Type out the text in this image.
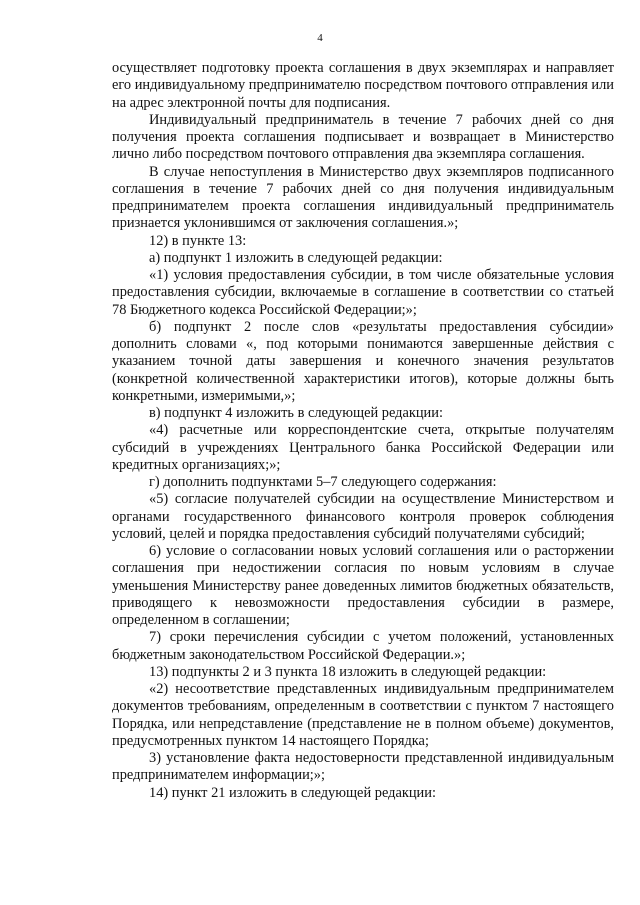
4

осуществляет подготовку проекта соглашения в двух экземплярах и направляет его индивидуальному предпринимателю посредством почтового отправления или на адрес электронной почты для подписания.

Индивидуальный предприниматель в течение 7 рабочих дней со дня получения проекта соглашения подписывает и возвращает в Министерство лично либо посредством почтового отправления два экземпляра соглашения.

В случае непоступления в Министерство двух экземпляров подписанного соглашения в течение 7 рабочих дней со дня получения индивидуальным предпринимателем проекта соглашения индивидуальный предприниматель признается уклонившимся от заключения соглашения.»;

12) в пункте 13:

а) подпункт 1 изложить в следующей редакции:

«1) условия предоставления субсидии, в том числе обязательные условия предоставления субсидии, включаемые в соглашение в соответствии со статьей 78 Бюджетного кодекса Российской Федерации;»;

б) подпункт 2 после слов «результаты предоставления субсидии» дополнить словами «, под которыми понимаются завершенные действия с указанием точной даты завершения и конечного значения результатов (конкретной количественной характеристики итогов), которые должны быть конкретными, измеримыми,»;

в) подпункт 4 изложить в следующей редакции:

«4) расчетные или корреспондентские счета, открытые получателям субсидий в учреждениях Центрального банка Российской Федерации или кредитных организациях;»;

г) дополнить подпунктами 5–7 следующего содержания:

«5) согласие получателей субсидии на осуществление Министерством и органами государственного финансового контроля проверок соблюдения условий, целей и порядка предоставления субсидий получателями субсидий;

6) условие о согласовании новых условий соглашения или о расторжении соглашения при недостижении согласия по новым условиям в случае уменьшения Министерству ранее доведенных лимитов бюджетных обязательств, приводящего к невозможности предоставления субсидии в размере, определенном в соглашении;

7) сроки перечисления субсидии с учетом положений, установленных бюджетным законодательством Российской Федерации.»;

13) подпункты 2 и 3 пункта 18 изложить в следующей редакции:

«2) несоответствие представленных индивидуальным предпринимателем документов требованиям, определенным в соответствии с пунктом 7 настоящего Порядка, или непредставление (представление не в полном объеме) документов, предусмотренных пунктом 14 настоящего Порядка;

3) установление факта недостоверности представленной индивидуальным предпринимателем информации;»;

14) пункт 21 изложить в следующей редакции:
